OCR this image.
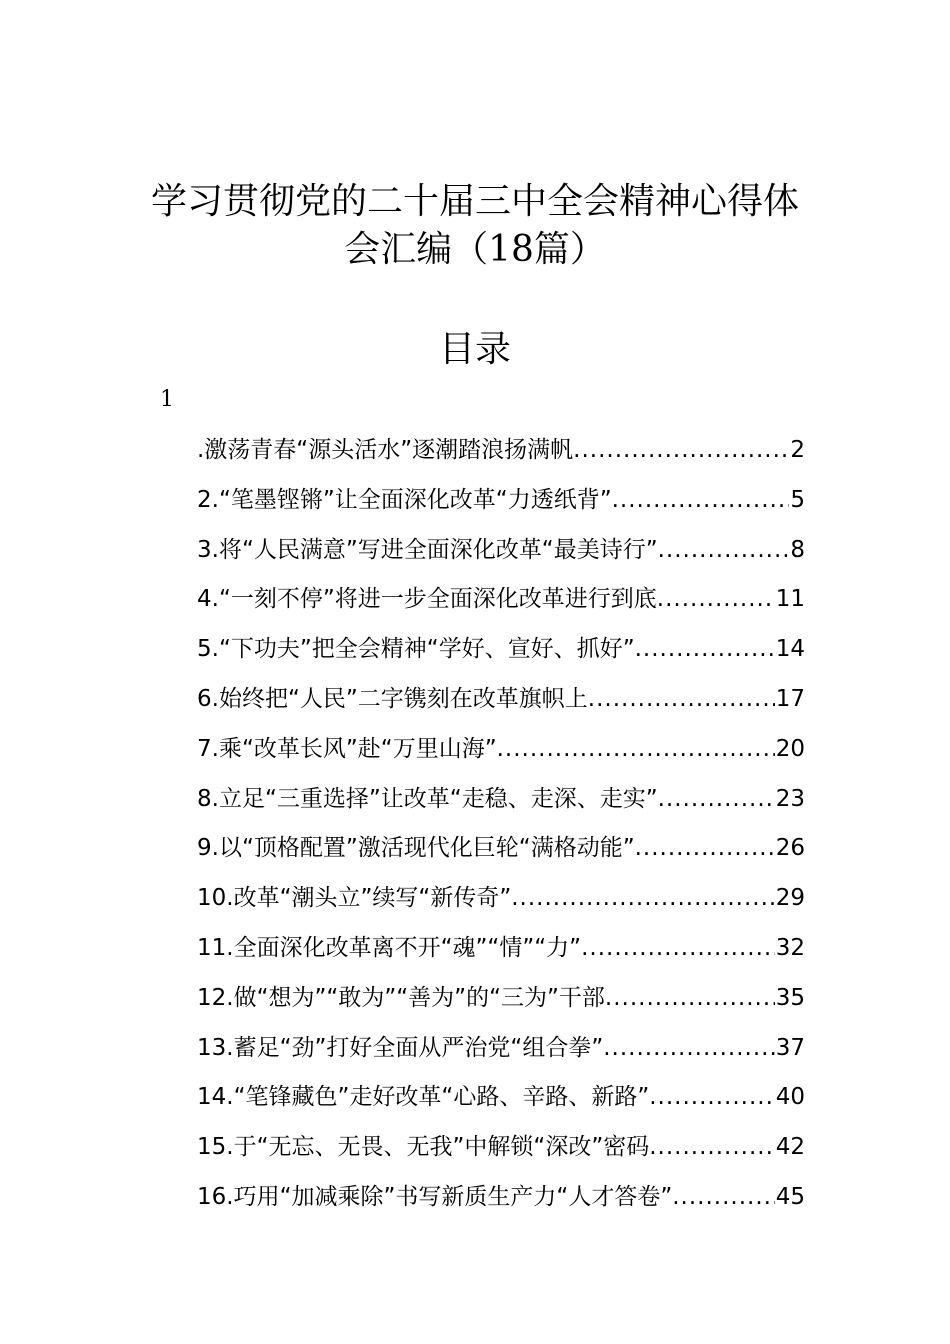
学习贯彻党的二十届三中全会精神心得体
会汇编（18篇）
目录
1
.激荡青春“源头活水”逐潮踏浪扬满帆 .....	2
2.“笔墨铿锵”让全面深化改革“力透纸背” .....	5
3.将“人民满意”写进全面深化改革“最美诗行” .....	8
4.“一刻不停”将进一步全面深化改革进行到底 .....	11
5.“下功夫”把全会精神“学好、宣好、抓好” .....	14
6.始终把“人民”二字镌刻在改革旗帜上 .....	17
7.乘“改革长风”赴“万里山海” .....	20
8.立足“三重选择”让改革“走稳、走深、走实” .....	23
9.以“顶格配置”激活现代化巨轮“满格动能” .....	26
10.改革“潮头立”续写“新传奇” .....	29
11.全面深化改革离不开“魂”“情”“力” .....	32
12.做“想为”“敢为”“善为”的“三为”干部 .....	35
13.蓄足“劲”打好全面从严治党“组合拳” .....	37
14.“笔锋藏色”走好改革“心路、辛路、新路” .....	40
15.于“无忘、无畏、无我”中解锁“深改”密码 .....	42
16.巧用“加减乘除”书写新质生产力“人才答卷” .....	45
